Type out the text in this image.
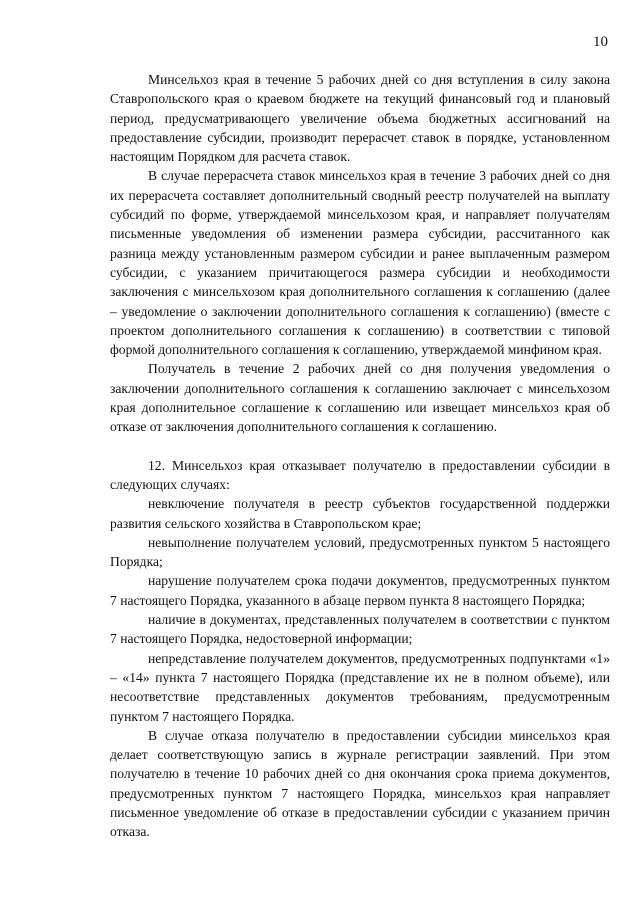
10

Минсельхоз края в течение 5 рабочих дней со дня вступления в силу закона Ставропольского края о краевом бюджете на текущий финансовый год и плановый период, предусматривающего увеличение объема бюджетных ассигнований на предоставление субсидии, производит перерасчет ставок в порядке, установленном настоящим Порядком для расчета ставок.

В случае перерасчета ставок минсельхоз края в течение 3 рабочих дней со дня их перерасчета составляет дополнительный сводный реестр получателей на выплату субсидий по форме, утверждаемой минсельхозом края, и направляет получателям письменные уведомления об изменении размера субсидии, рассчитанного как разница между установленным размером субсидии и ранее выплаченным размером субсидии, с указанием причитающегося размера субсидии и необходимости заключения с минсельхозом края дополнительного соглашения к соглашению (далее – уведомление о заключении дополнительного соглашения к соглашению) (вместе с проектом дополнительного соглашения к соглашению) в соответствии с типовой формой дополнительного соглашения к соглашению, утверждаемой минфином края.

Получатель в течение 2 рабочих дней со дня получения уведомления о заключении дополнительного соглашения к соглашению заключает с минсельхозом края дополнительное соглашение к соглашению или извещает минсельхоз края об отказе от заключения дополнительного соглашения к соглашению.

12. Минсельхоз края отказывает получателю в предоставлении субсидии в следующих случаях:

невключение получателя в реестр субъектов государственной поддержки развития сельского хозяйства в Ставропольском крае;

невыполнение получателем условий, предусмотренных пунктом 5 настоящего Порядка;

нарушение получателем срока подачи документов, предусмотренных пунктом 7 настоящего Порядка, указанного в абзаце первом пункта 8 настоящего Порядка;

наличие в документах, представленных получателем в соответствии с пунктом 7 настоящего Порядка, недостоверной информации;

непредставление получателем документов, предусмотренных подпунктами «1» – «14» пункта 7 настоящего Порядка (представление их не в полном объеме), или несоответствие представленных документов требованиям, предусмотренным пунктом 7 настоящего Порядка.

В случае отказа получателю в предоставлении субсидии минсельхоз края делает соответствующую запись в журнале регистрации заявлений. При этом получателю в течение 10 рабочих дней со дня окончания срока приема документов, предусмотренных пунктом 7 настоящего Порядка, минсельхоз края направляет письменное уведомление об отказе в предоставлении субсидии с указанием причин отказа.
